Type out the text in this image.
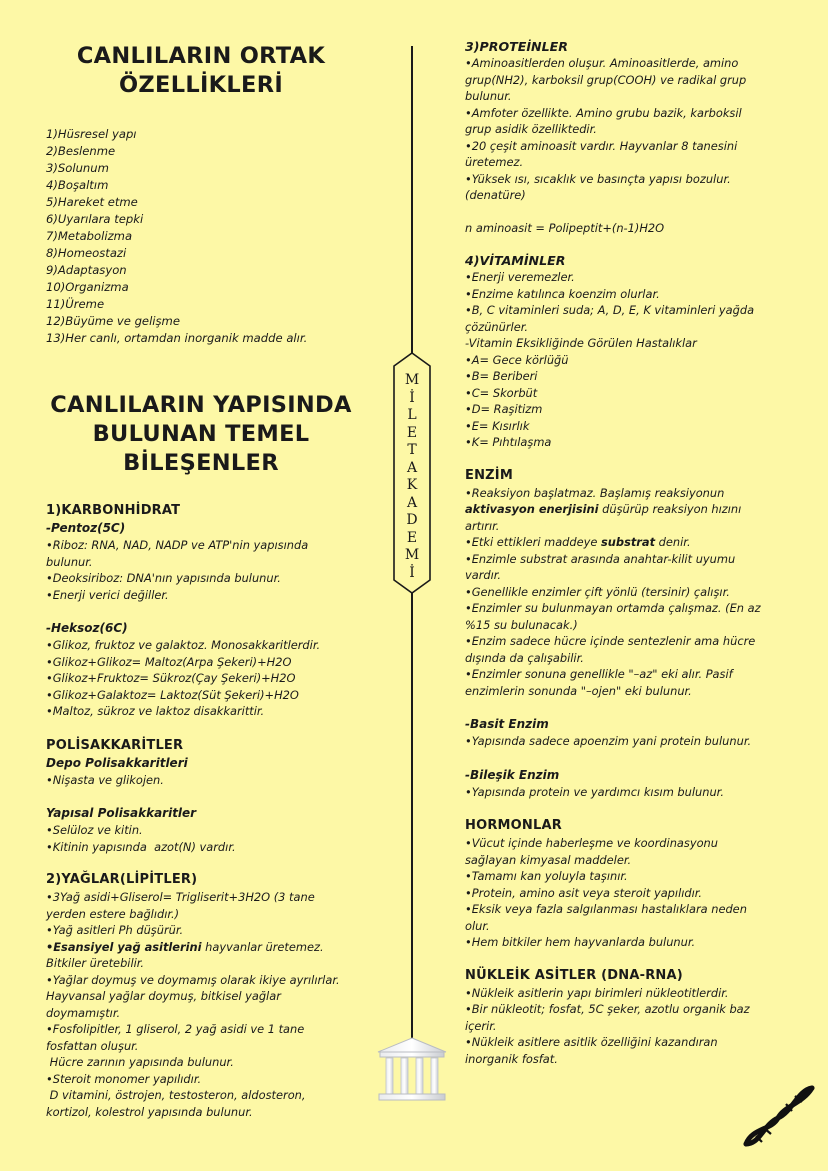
CANLILARIN ORTAK
ÖZELLİKLERİ
1)Hüsresel yapı
2)Beslenme
3)Solunum
4)Boşaltım
5)Hareket etme
6)Uyarılara tepki
7)Metabolizma
8)Homeostazi
9)Adaptasyon
10)Organizma
11)Üreme
12)Büyüme ve gelişme
13)Her canlı, ortamdan inorganik madde alır.
CANLILARIN YAPISINDA
BULUNAN TEMEL
BİLEŞENLER
1)KARBONHİDRAT
-Pentoz(5C)
•Riboz: RNA, NAD, NADP ve ATP'nin yapısında
bulunur.
•Deoksiriboz: DNA'nın yapısında bulunur.
•Enerji verici değiller.
-Heksoz(6C)
•Glikoz, fruktoz ve galaktoz. Monosakkaritlerdir.
•Glikoz+Glikoz= Maltoz(Arpa Şekeri)+H2O
•Glikoz+Fruktoz= Sükroz(Çay Şekeri)+H2O
•Glikoz+Galaktoz= Laktoz(Süt Şekeri)+H2O
•Maltoz, sükroz ve laktoz disakkarittir.
POLİSAKKARİTLER
Depo Polisakkaritleri
•Nişasta ve glikojen.
Yapısal Polisakkaritler
•Selüloz ve kitin.
•Kitinin yapısında  azot(N) vardır.
2)YAĞLAR(LİPİTLER)
•3Yağ asidi+Gliserol= Trigliserit+3H2O (3 tane
yerden estere bağlıdır.)
•Yağ asitleri Ph düşürür.
•Esansiyel yağ asitlerini hayvanlar üretemez.
Bitkiler üretebilir.
•Yağlar doymuş ve doymamış olarak ikiye ayrılırlar.
Hayvansal yağlar doymuş, bitkisel yağlar
doymamıştır.
•Fosfolipitler, 1 gliserol, 2 yağ asidi ve 1 tane
fosfattan oluşur.
Hücre zarının yapısında bulunur.
•Steroit monomer yapılıdır.
D vitamini, östrojen, testosteron, aldosteron,
kortizol, kolestrol yapısında bulunur.
M
İ
L
E
T
A
K
A
D
E
M
İ
3)PROTEİNLER
•Aminoasitlerden oluşur. Aminoasitlerde, amino
grup(NH2), karboksil grup(COOH) ve radikal grup
bulunur.
•Amfoter özellikte. Amino grubu bazik, karboksil
grup asidik özelliktedir.
•20 çeşit aminoasit vardır. Hayvanlar 8 tanesini
üretemez.
•Yüksek ısı, sıcaklık ve basınçta yapısı bozulur.
(denatüre)
n aminoasit = Polipeptit+(n-1)H2O
4)VİTAMİNLER
•Enerji veremezler.
•Enzime katılınca koenzim olurlar.
•B, C vitaminleri suda; A, D, E, K vitaminleri yağda
çözünürler.
-Vitamin Eksikliğinde Görülen Hastalıklar
•A= Gece körlüğü
•B= Beriberi
•C= Skorbüt
•D= Raşitizm
•E= Kısırlık
•K= Pıhtılaşma
ENZİM
•Reaksiyon başlatmaz. Başlamış reaksiyonun
aktivasyon enerjisini düşürüp reaksiyon hızını
artırır.
•Etki ettikleri maddeye substrat denir.
•Enzimle substrat arasında anahtar-kilit uyumu
vardır.
•Genellikle enzimler çift yönlü (tersinir) çalışır.
•Enzimler su bulunmayan ortamda çalışmaz. (En az
%15 su bulunacak.)
•Enzim sadece hücre içinde sentezlenir ama hücre
dışında da çalışabilir.
•Enzimler sonuna genellikle "–az" eki alır. Pasif
enzimlerin sonunda "–ojen" eki bulunur.
-Basit Enzim
•Yapısında sadece apoenzim yani protein bulunur.
-Bileşik Enzim
•Yapısında protein ve yardımcı kısım bulunur.
HORMONLAR
•Vücut içinde haberleşme ve koordinasyonu
sağlayan kimyasal maddeler.
•Tamamı kan yoluyla taşınır.
•Protein, amino asit veya steroit yapılıdır.
•Eksik veya fazla salgılanması hastalıklara neden
olur.
•Hem bitkiler hem hayvanlarda bulunur.
NÜKLEİK ASİTLER (DNA-RNA)
•Nükleik asitlerin yapı birimleri nükleotitlerdir.
•Bir nükleotit; fosfat, 5C şeker, azotlu organik baz
içerir.
•Nükleik asitlere asitlik özelliğini kazandıran
inorganik fosfat.
